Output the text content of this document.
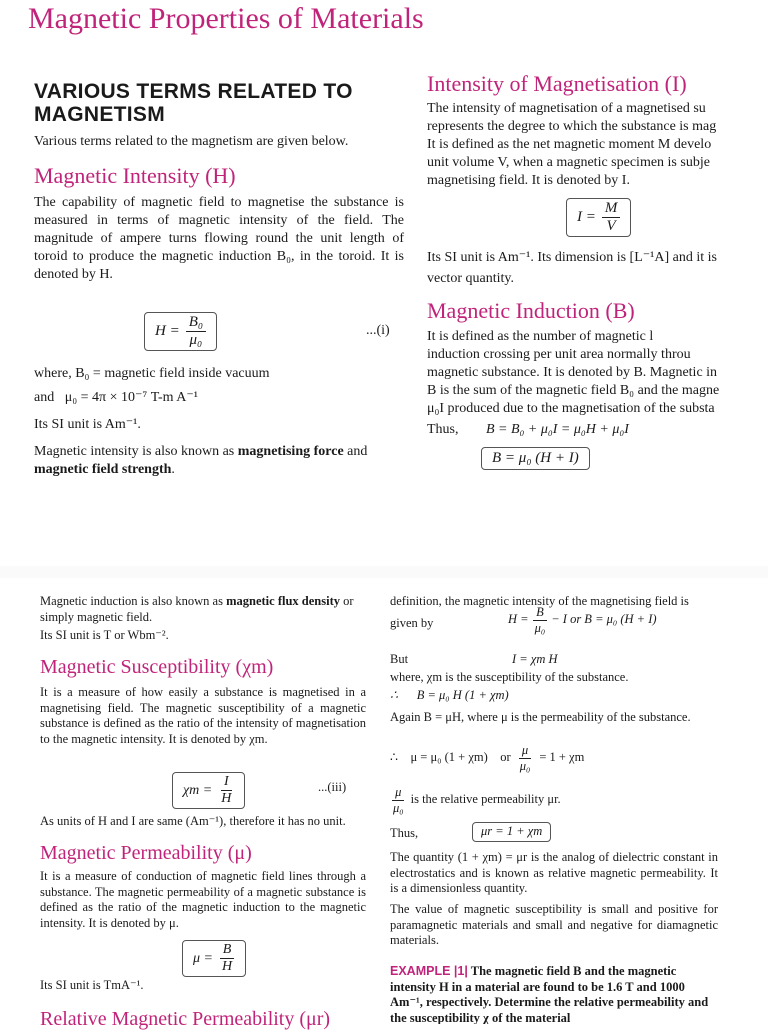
Magnetic Properties of Materials
VARIOUS TERMS RELATED TO MAGNETISM
Various terms related to the magnetism are given below.
Magnetic Intensity (H)
The capability of magnetic field to magnetise the substance is measured in terms of magnetic intensity of the field. The magnitude of ampere turns flowing round the unit length of toroid to produce the magnetic induction B₀, in the toroid. It is denoted by H.
$H = \frac{\text{B₀}}{\text{μ₀}}$	...(i)
where, B₀ = magnetic field inside vacuum
and   μ₀ = 4π × 10⁻⁷ T-m A⁻¹
Its SI unit is Am⁻¹.
Magnetic intensity is also known as magnetising force and magnetic field strength.
Intensity of Magnetisation (I)
The intensity of magnetisation of a magnetised su
represents the degree to which the substance is mag
It is defined as the net magnetic moment M develo
unit volume V, when a magnetic specimen is subje
magnetising field. It is denoted by I.
$I = \frac{M}{V}$
Its SI unit is Am⁻¹. Its dimension is [L⁻¹A] and it is
vector quantity.
Magnetic Induction (B)
It is defined as the number of magnetic l
induction crossing per unit area normally throu
magnetic substance. It is denoted by B. Magnetic in
B is the sum of the magnetic field B₀ and the magne
μ₀I produced due to the magnetisation of the substa
Thus, B = B₀ + μ₀I = μ₀H + μ₀I
B = μ₀ (H + I)
Magnetic induction is also known as magnetic flux density or simply magnetic field.
Its SI unit is T or Wbm⁻².
Magnetic Susceptibility (χm)
It is a measure of how easily a substance is magnetised in a magnetising field. The magnetic susceptibility of a magnetic substance is defined as the ratio of the intensity of magnetisation to the magnetic intensity. It is denoted by χm.
$\chi m = \frac{I}{H}$	...(iii)
As units of H and I are same (Am⁻¹), therefore it has no unit.
Magnetic Permeability (μ)
It is a measure of conduction of magnetic field lines through a substance. The magnetic permeability of a magnetic substance is defined as the ratio of the magnetic induction to the magnetic intensity. It is denoted by μ.
$\mu = \frac{B}{H}$
Its SI unit is TmA⁻¹.
Relative Magnetic Permeability (μr)
definition, the magnetic intensity of the magnetising field is
given by	$H = \frac{B}{\text{μ₀}} - I$ or B = μ₀ (H + I)
But	I = χm H
where, χm is the susceptibility of the substance.
∴      B = μ₀ H (1 + χm)
Again B = μH, where μ is the permeability of the substance.
∴    μ = μ₀ (1 + χm)    or $\frac{\mu}{\text{μ₀}} = 1 + \chi m$
$\frac{\mu}{\text{μ₀}}$ is the relative permeability μr.
Thus,	μr = 1 + χm
The quantity (1 + χm) = μr is the analog of dielectric constant in electrostatics and is known as relative magnetic permeability. It is a dimensionless quantity.
The value of magnetic susceptibility is small and positive for paramagnetic materials and small and negative for diamagnetic materials.
EXAMPLE |1| The magnetic field B and the magnetic intensity H in a material are found to be 1.6 T and 1000 Am⁻¹, respectively. Determine the relative permeability and the susceptibility χ of the material
